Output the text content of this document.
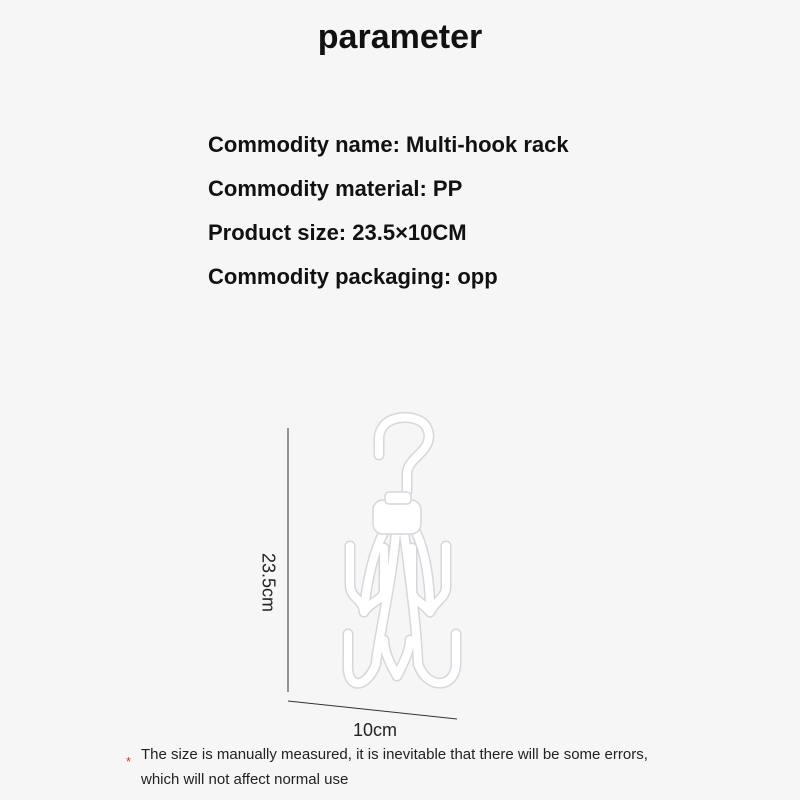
parameter
Commodity name: Multi-hook rack
Commodity material: PP
Product size: 23.5×10CM
Commodity packaging: opp
23.5cm
10cm
* The size is manually measured, it is inevitable that there will be some errors,
which will not affect normal use
